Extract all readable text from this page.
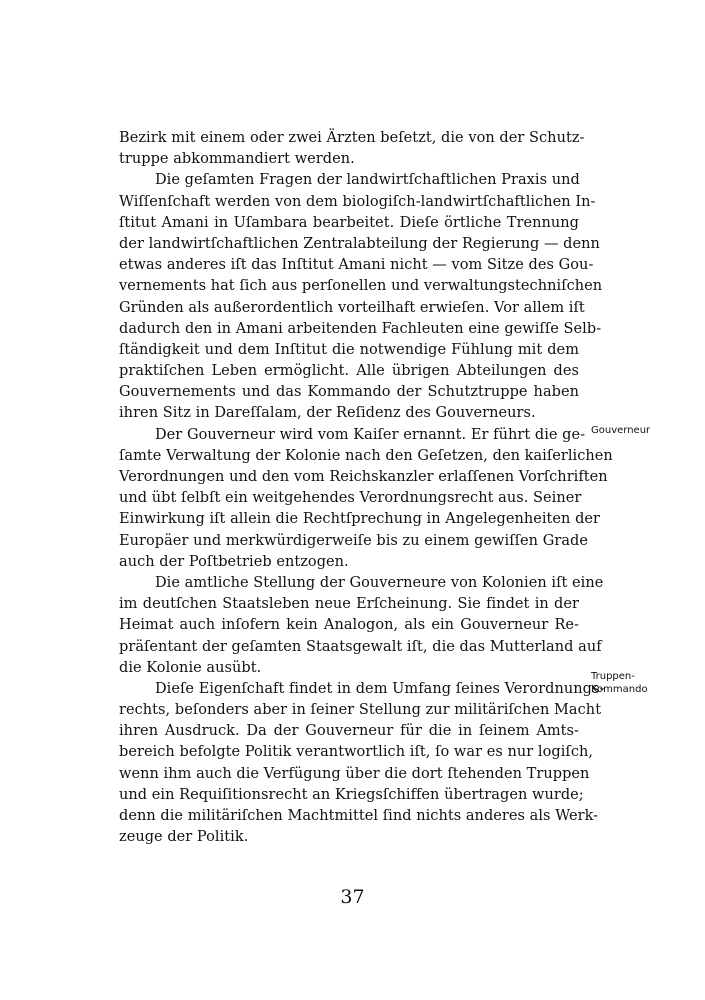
Bezirk mit einem oder zwei Ärzten beſetzt, die von der Schutz-
truppe abkommandiert werden.
Die geſamten Fragen der landwirtſchaftlichen Praxis und
Wiſſenſchaft werden von dem biologiſch-landwirtſchaftlichen In-
ſtitut Amani in Uſambara bearbeitet. Dieſe örtliche Trennung
der landwirtſchaftlichen Zentralabteilung der Regierung — denn
etwas anderes iſt das Inſtitut Amani nicht — vom Sitze des Gou-
vernements hat ſich aus perſonellen und verwaltungstechniſchen
Gründen als außerordentlich vorteilhaft erwieſen. Vor allem iſt
dadurch den in Amani arbeitenden Fachleuten eine gewiſſe Selb-
ſtändigkeit und dem Inſtitut die notwendige Fühlung mit dem
praktiſchen Leben ermöglicht. Alle übrigen Abteilungen des
Gouvernements und das Kommando der Schutztruppe haben
ihren Sitz in Dareſſalam, der Reſidenz des Gouverneurs.
Der Gouverneur wird vom Kaiſer ernannt. Er führt die ge-
ſamte Verwaltung der Kolonie nach den Geſetzen, den kaiſerlichen
Verordnungen und den vom Reichskanzler erlaſſenen Vorſchriften
und übt ſelbſt ein weitgehendes Verordnungsrecht aus. Seiner
Einwirkung iſt allein die Rechtſprechung in Angelegenheiten der
Europäer und merkwürdigerweiſe bis zu einem gewiſſen Grade
auch der Poſtbetrieb entzogen.
Die amtliche Stellung der Gouverneure von Kolonien iſt eine
im deutſchen Staatsleben neue Erſcheinung. Sie findet in der
Heimat auch inſofern kein Analogon, als ein Gouverneur Re-
präſentant der geſamten Staatsgewalt iſt, die das Mutterland auf
die Kolonie ausübt.
Dieſe Eigenſchaft findet in dem Umfang ſeines Verordnungs-
rechts, beſonders aber in ſeiner Stellung zur militäriſchen Macht
ihren Ausdruck. Da der Gouverneur für die in ſeinem Amts-
bereich befolgte Politik verantwortlich iſt, ſo war es nur logiſch,
wenn ihm auch die Verfügung über die dort ſtehenden Truppen
und ein Requiſitionsrecht an Kriegsſchiffen übertragen wurde;
denn die militäriſchen Machtmittel ſind nichts anderes als Werk-
zeuge der Politik.
Gouverneur
Truppen-
Kommando
37
